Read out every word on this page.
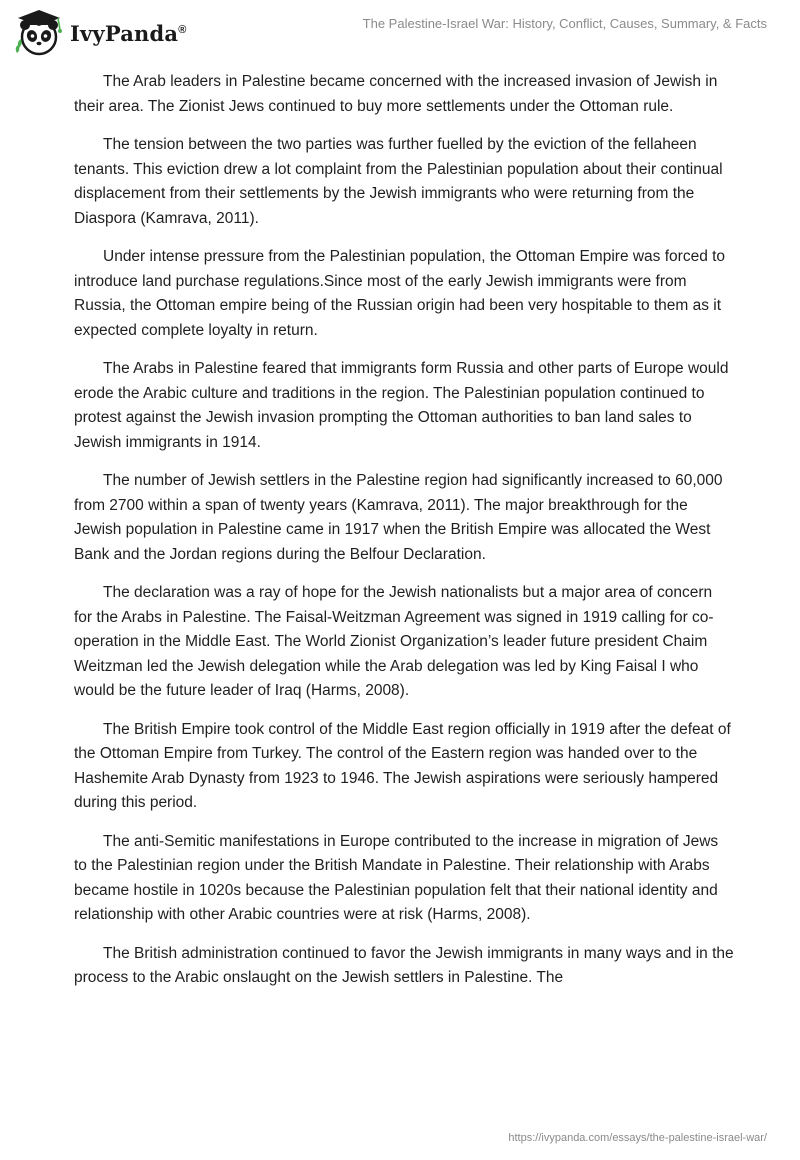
IvyPanda®	The Palestine-Israel War: History, Conflict, Causes, Summary, & Facts

The Arab leaders in Palestine became concerned with the increased invasion of Jewish in their area. The Zionist Jews continued to buy more settlements under the Ottoman rule.

The tension between the two parties was further fuelled by the eviction of the fellaheen tenants. This eviction drew a lot complaint from the Palestinian population about their continual displacement from their settlements by the Jewish immigrants who were returning from the Diaspora (Kamrava, 2011).

Under intense pressure from the Palestinian population, the Ottoman Empire was forced to introduce land purchase regulations.Since most of the early Jewish immigrants were from Russia, the Ottoman empire being of the Russian origin had been very hospitable to them as it expected complete loyalty in return.

The Arabs in Palestine feared that immigrants form Russia and other parts of Europe would erode the Arabic culture and traditions in the region. The Palestinian population continued to protest against the Jewish invasion prompting the Ottoman authorities to ban land sales to Jewish immigrants in 1914.

The number of Jewish settlers in the Palestine region had significantly increased to 60,000 from 2700 within a span of twenty years (Kamrava, 2011). The major breakthrough for the Jewish population in Palestine came in 1917 when the British Empire was allocated the West Bank and the Jordan regions during the Belfour Declaration.

The declaration was a ray of hope for the Jewish nationalists but a major area of concern for the Arabs in Palestine. The Faisal-Weitzman Agreement was signed in 1919 calling for co-operation in the Middle East. The World Zionist Organization’s leader future president Chaim Weitzman led the Jewish delegation while the Arab delegation was led by King Faisal I who would be the future leader of Iraq (Harms, 2008).

The British Empire took control of the Middle East region officially in 1919 after the defeat of the Ottoman Empire from Turkey. The control of the Eastern region was handed over to the Hashemite Arab Dynasty from 1923 to 1946. The Jewish aspirations were seriously hampered during this period.

The anti-Semitic manifestations in Europe contributed to the increase in migration of Jews to the Palestinian region under the British Mandate in Palestine. Their relationship with Arabs became hostile in 1020s because the Palestinian population felt that their national identity and relationship with other Arabic countries were at risk (Harms, 2008).

The British administration continued to favor the Jewish immigrants in many ways and in the process to the Arabic onslaught on the Jewish settlers in Palestine. The

https://ivypanda.com/essays/the-palestine-israel-war/
